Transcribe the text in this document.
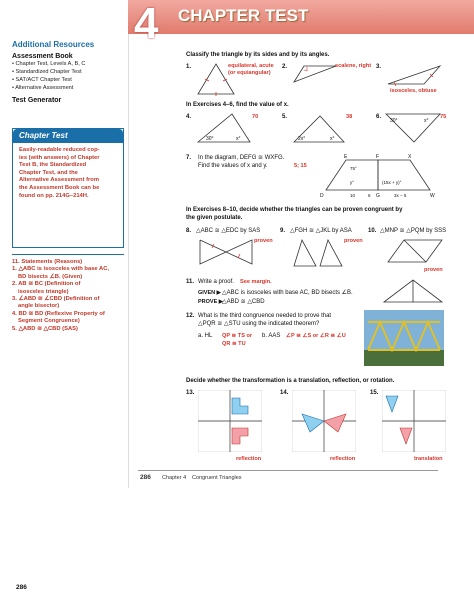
Additional Resources
Assessment Book
• Chapter Test, Levels A, B, C
• Standardized Chapter Test
• SAT/ACT Chapter Test
• Alternative Assessment
Test Generator
Chapter Test
Easily-readable reduced cop-
ies (with answers) of Chapter
Test B, the Standardized
Chapter Test, and the
Alternative Assessment from
the Assessment Book can be
found on pp. 214G–214H.
11. Statements (Reasons)
1. △ABC is isosceles with base AC,
BD bisects ∠B. (Given)
2. AB ≅ BC (Definition of
isosceles triangle)
3. ∠ABD ≅ ∠CBD (Definition of
angle bisector)
4. BD ≅ BD (Reflexive Property of
Segment Congruence)
5. △ABD ≅ △CBD (SAS)
4	CHAPTER TEST
Classify the triangle by its sides and by its angles.
1.	equilateral, acute
(or equiangular)
2.	scalene, right 3.
isosceles, obtuse
In Exercises 4–6, find the value of x.
4.
30°	x°
70	5.
2x°	x°
38	6.
30°	x°
75
7. In the diagram, DEFG ≅ WXFG.
Find the values of x and y.	5; 15
E	X
D
F
G	W
75°
y°	(15x + y)°
10	6	3x − 5
In Exercises 8–10, decide whether the triangles can be proven congruent by
the given postulate.
8. △ABC ≅ △EDC by SAS
proven
9. △FGH ≅ △JKL by ASA
proven
10. △MNP ≅ △PQM by SSS
proven
11. Write a proof. See margin.
GIVEN ▶ △ABC is isosceles with base AC, BD bisects ∠B.
PROVE ▶
△ABD ≅ △CBD
12. What is the third congruence needed to prove that
△PQR ≅ △STU using the indicated theorem?
a. HL QP ≅ TS or
QR ≅ TU
b. AAS ∠P ≅ ∠S or ∠R ≅ ∠U
Decide whether the transformation is a translation, reflection, or rotation.
13.
reflection
14.
reflection
15.
translation
286 Chapter 4 Congruent Triangles
286
